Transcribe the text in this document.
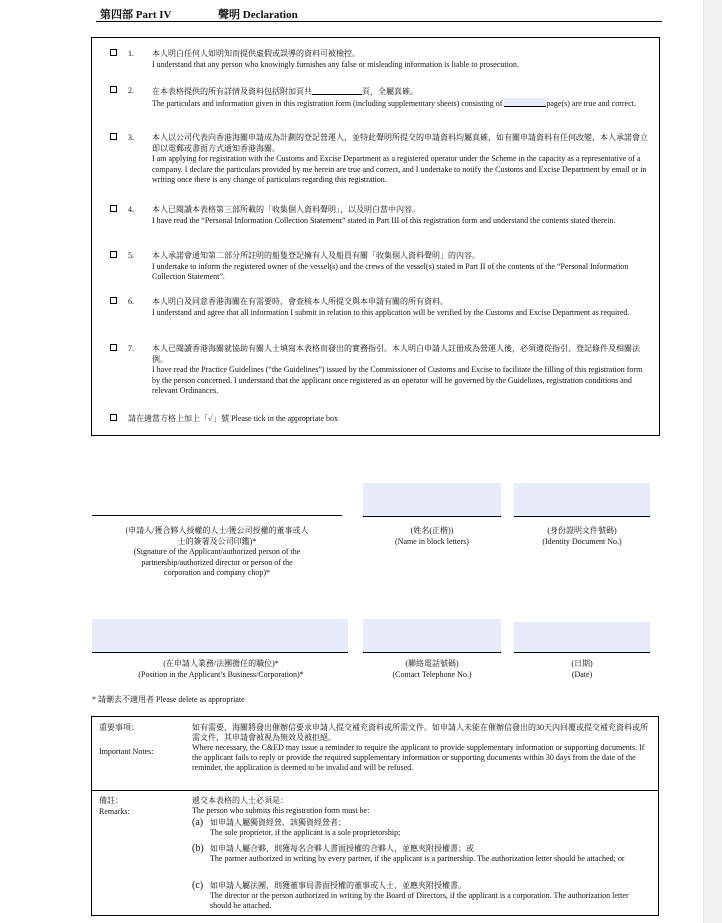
第四部 Part IV	聲明 Declaration
1. 本人明白任何人如明知而提供虛假或誤導的資料可被檢控。
I understand that any person who knowingly furnishes any false or misleading information is liable to prosecution.
2. 在本表格提供的所有詳情及資料包括附加頁共	頁，全屬真確。
The particulars and information given in this registration form (including supplementary sheets) consisting of	page(s) are true and correct.
3. 本人以公司代表向香港海關申請成為計劃的登記營運人，並特此聲明所提交的申請資料均屬真確，如有關申請資料有任何改變，本人承諾會立即以電郵或書面方式通知香港海關。
I am applying for registration with the Customs and Excise Department as a registered operator under the Scheme in the capacity as a representative of a company. I declare the particulars provided by me herein are true and correct, and I undertake to notify the Customs and Excise Department by email or in writing once there is any change of particulars regarding this registration.
4. 本人已閱讀本表格第三部所載的「收集個人資料聲明」，以及明白當中內容。
I have read the “Personal Information Collection Statement” stated in Part III of this registration form and understand the contents stated therein.
5. 本人承諾會通知第二部分所註明的船隻登記擁有人及船員有關「收集個人資料聲明」的內容。
I undertake to inform the registered owner of the vessel(s) and the crews of the vessel(s) stated in Part II of the contents of the “Personal Information Collection Statement”.
6. 本人明白及同意香港海關在有需要時，會查核本人所提交與本申請有關的所有資料。
I understand and agree that all information I submit in relation to this application will be verified by the Customs and Excise Department as required.
7. 本人已閱讀香港海關就協助有關人士填寫本表格而發出的實務指引。本人明白申請人註冊成為營運人後，必須遵從指引、登記條件及相關法例。
I have read the Practice Guidelines (“the Guidelines”) issued by the Commissioner of Customs and Excise to facilitate the filling of this registration form by the person concerned. I understand that the applicant once registered as an operator will be governed by the Guidelines, registration conditions and relevant Ordinances.
請在適當方格上加上「✓」號 Please tick in the appropriate box
(申請人/獲合夥人授權的人士/獲公司授權的董事或人士的簽署及公司印鑑)*
(Signature of the Applicant/authorized person of the partnership/authorized director or person of the corporation and company chop)*
(姓名(正楷))
(Name in block letters)
(身份證明文件號碼)
(Identity Document No.)
(在申請人業務/法團擔任的職位)*
(Position in the Applicant’s Business/Corporation)*
(聯絡電話號碼)
(Contact Telephone No.)
(日期)
(Date)
* 請刪去不適用者 Please delete as appropriate
重要事項：
Important Notes:
如有需要，海關將發出催辦信要求申請人提交補充資料或所需文件。如申請人未能在催辦信發出的30天內回覆或提交補充資料或所需文件，其申請會被視為無效及被拒絕。
Where necessary, the C&ED may issue a reminder to require the applicant to provide supplementary information or supporting documents. If the applicant fails to reply or provide the required supplementary information or supporting documents within 30 days from the date of the reminder, the application is deemed to be invalid and will be refused.
備註：
Remarks:
遞交本表格的人士必須是：
The person who submits this registration form must be:
(a) 如申請人屬獨資經營，該獨資經營者；
The sole proprietor, if the applicant is a sole proprietorship;
(b) 如申請人屬合夥，則獲每名合夥人書面授權的合夥人，並應夾附授權書；或
The partner authorized in writing by every partner, if the applicant is a partnership. The authorization letter should be attached; or
(c) 如申請人屬法團，則獲董事局書面授權的董事或人士，並應夾附授權書。
The director or the person authorized in writing by the Board of Directors, if the applicant is a corporation. The authorization letter should be attached.
